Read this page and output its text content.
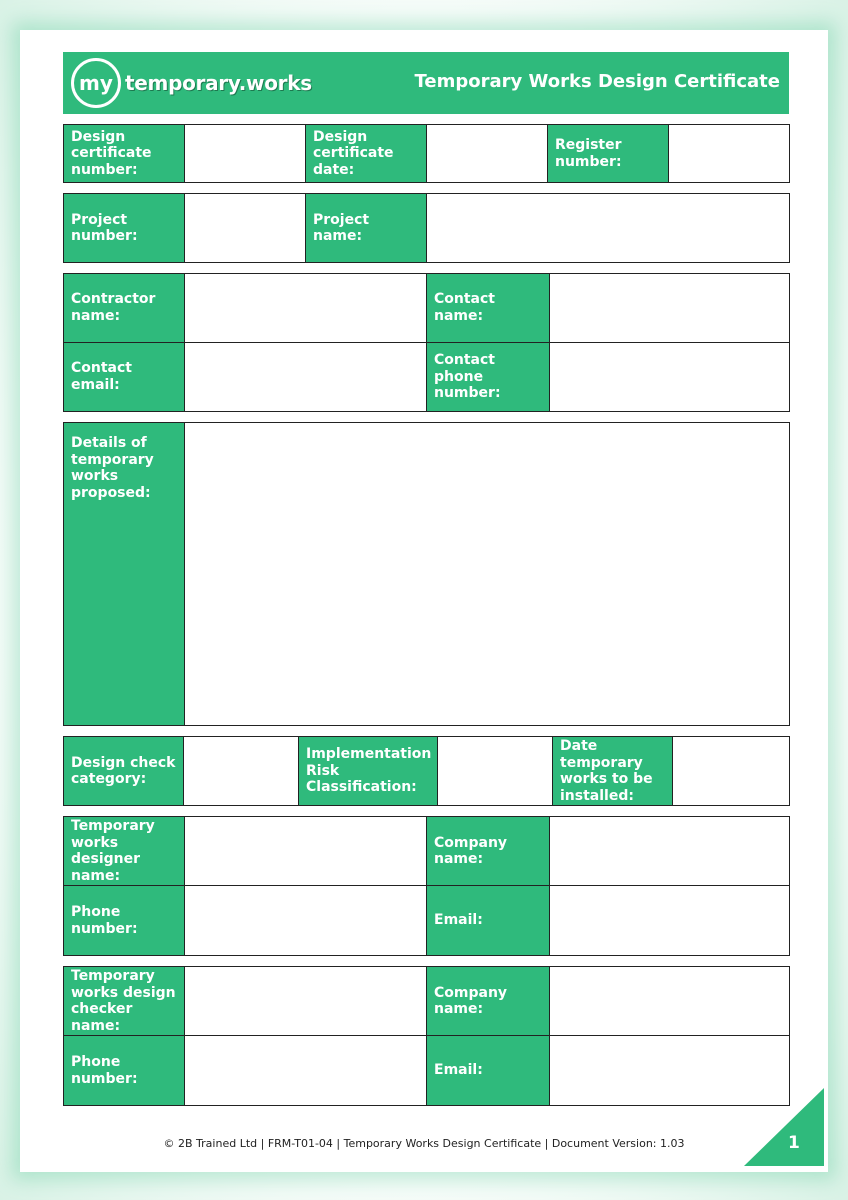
my temporary.works	Temporary Works Design Certificate
Design certificate number:
Design certificate date:
Register number:
Project number:
Project name:
Contractor name:
Contact name:
Contact email:
Contact phone number:
Details of temporary works proposed:
Design check category:
Implementation Risk Classification:
Date temporary works to be installed:
Temporary works designer name:
Company name:
Phone number:
Email:
Temporary works design checker name:
Company name:
Phone number:
Email:
© 2B Trained Ltd | FRM-T01-04 | Temporary Works Design Certificate | Document Version: 1.03	1
